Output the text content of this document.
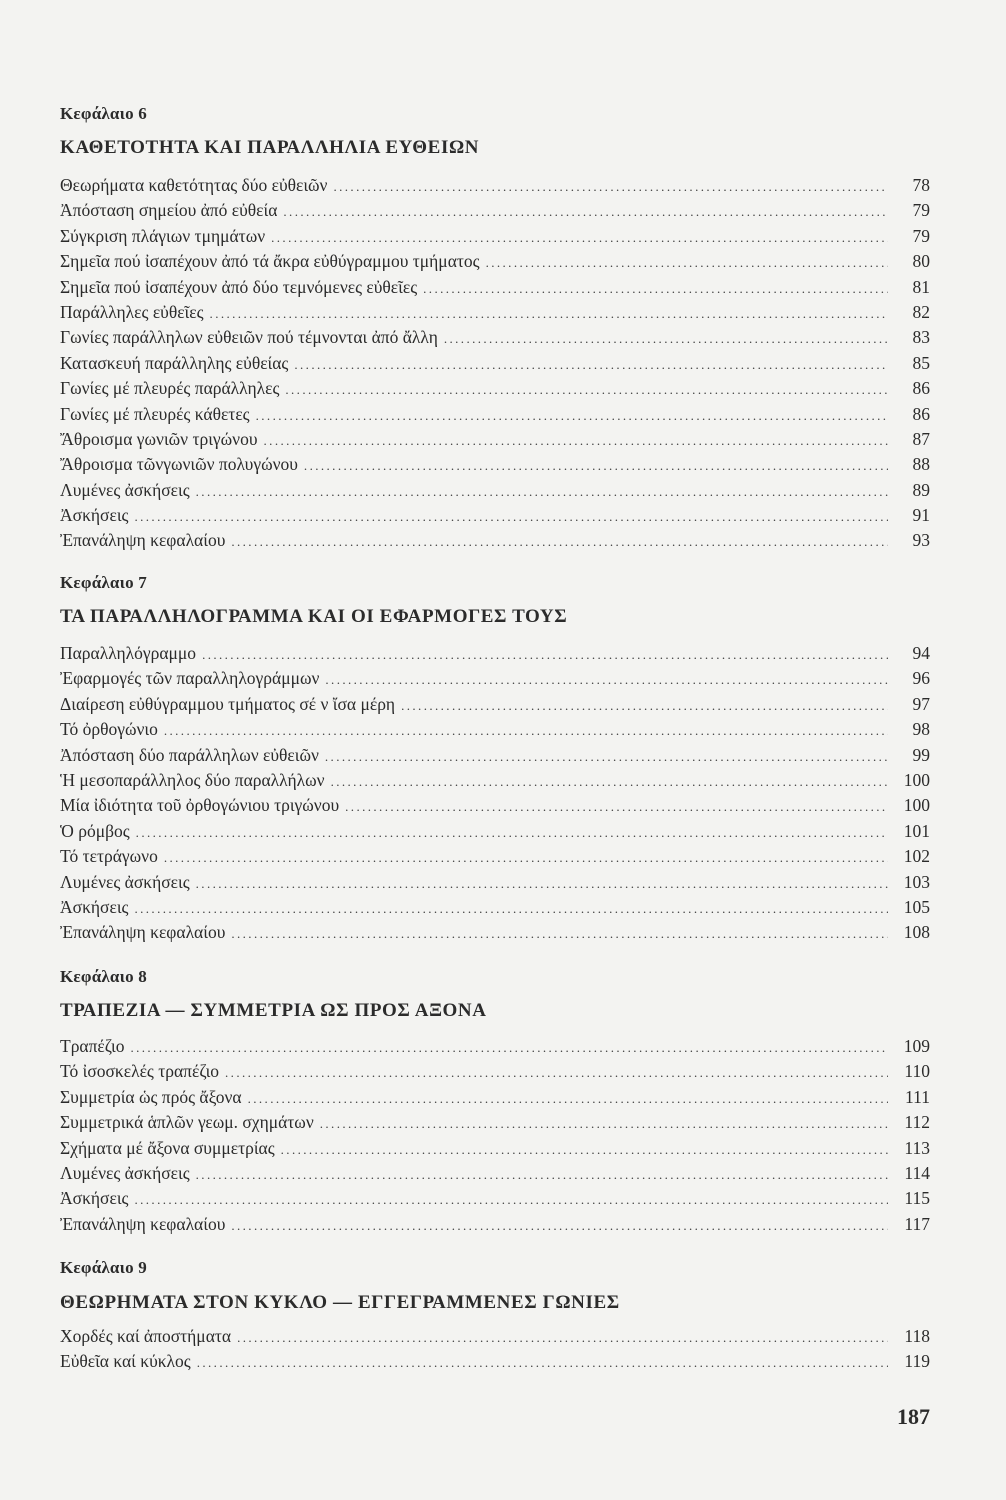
Κεφάλαιο 6
ΚΑΘΕΤΟΤΗΤΑ ΚΑΙ ΠΑΡΑΛΛΗΛΙΑ ΕΥΘΕΙΩΝ
Θεωρήματα καθετότητας δύο εὐθειῶν .....	78
Ἀπόσταση σημείου ἀπό εὐθεία .....	79
Σύγκριση πλάγιων τμημάτων .....	79
Σημεῖα πού ἰσαπέχουν ἀπό τά ἄκρα εὐθύγραμμου τμήματος .....	80
Σημεῖα πού ἰσαπέχουν ἀπό δύο τεμνόμενες εὐθεῖες .....	81
Παράλληλες εὐθεῖες .....	82
Γωνίες παράλληλων εὐθειῶν πού τέμνονται ἀπό ἄλλη .....	83
Κατασκευή παράλληλης εὐθείας .....	85
Γωνίες μέ πλευρές παράλληλες .....	86
Γωνίες μέ πλευρές κάθετες .....	86
Ἄθροισμα γωνιῶν τριγώνου .....	87
Ἄθροισμα τῶνγωνιῶν πολυγώνου .....	88
Λυμένες ἀσκήσεις .....	89
Ἀσκήσεις .....	91
Ἐπανάληψη κεφαλαίου .....	93
Κεφάλαιο 7
ΤΑ ΠΑΡΑΛΛΗΛΟΓΡΑΜΜΑ ΚΑΙ ΟΙ ΕΦΑΡΜΟΓΕΣ ΤΟΥΣ
Παραλληλόγραμμο .....	94
Ἐφαρμογές τῶν παραλληλογράμμων .....	96
Διαίρεση εὐθύγραμμου τμήματος σέ ν ἴσα μέρη .....	97
Τό ὀρθογώνιο .....	98
Ἀπόσταση δύο παράλληλων εὐθειῶν .....	99
Ἡ μεσοπαράλληλος δύο παραλλήλων .....	100
Μία ἰδιότητα τοῦ ὀρθογώνιου τριγώνου .....	100
Ὁ ρόμβος .....	101
Τό τετράγωνο .....	102
Λυμένες ἀσκήσεις .....	103
Ἀσκήσεις .....	105
Ἐπανάληψη κεφαλαίου .....	108
Κεφάλαιο 8
ΤΡΑΠΕΖΙΑ — ΣΥΜΜΕΤΡΙΑ ΩΣ ΠΡΟΣ ΑΞΟΝΑ
Τραπέζιο .....	109
Τό ἰσοσκελές τραπέζιο .....	110
Συμμετρία ὡς πρός ἄξονα .....	111
Συμμετρικά ἁπλῶν γεωμ. σχημάτων .....	112
Σχήματα μέ ἄξονα συμμετρίας .....	113
Λυμένες ἀσκήσεις .....	114
Ἀσκήσεις .....	115
Ἐπανάληψη κεφαλαίου .....	117
Κεφάλαιο 9
ΘΕΩΡΗΜΑΤΑ ΣΤΟΝ ΚΥΚΛΟ — ΕΓΓΕΓΡΑΜΜΕΝΕΣ ΓΩΝΙΕΣ
Χορδές καί ἀποστήματα .....	118
Εὐθεῖα καί κύκλος .....	119
187
